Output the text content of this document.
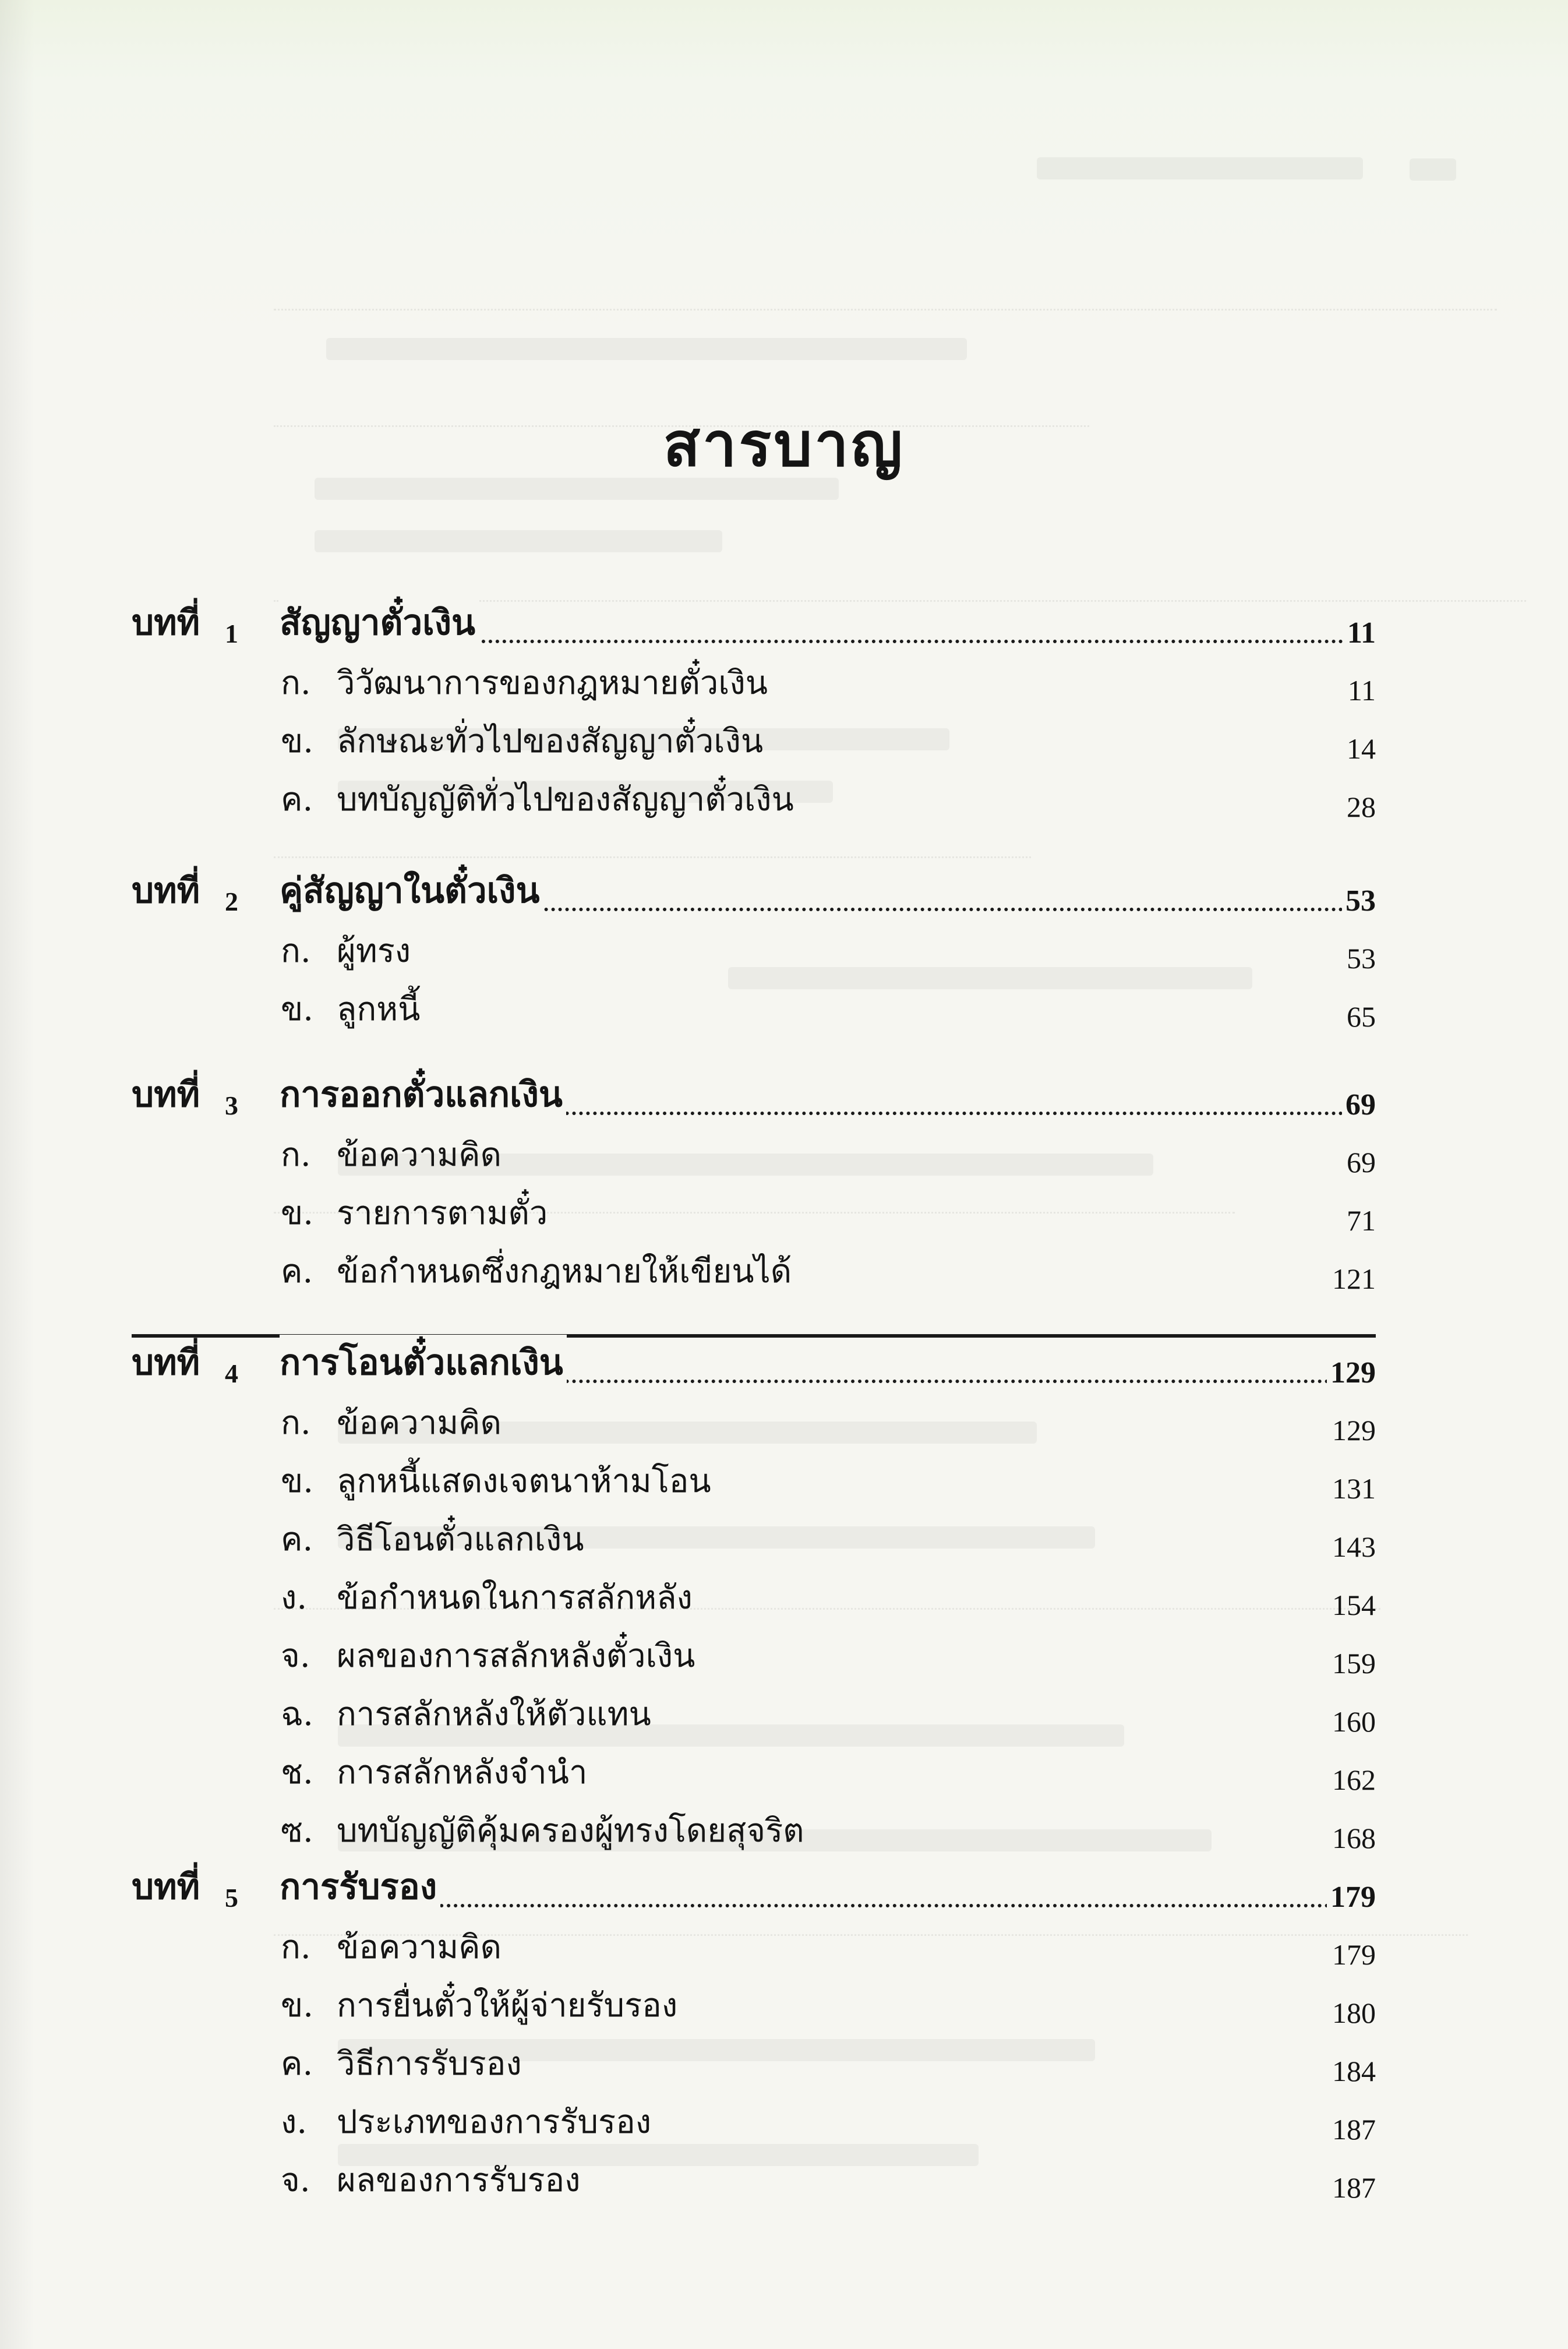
สารบาญ
บทที่ 1 สัญญาตั๋วเงิน	11
ก. วิวัฒนาการของกฎหมายตั๋วเงิน	11
ข. ลักษณะทั่วไปของสัญญาตั๋วเงิน	14
ค. บทบัญญัติทั่วไปของสัญญาตั๋วเงิน	28
บทที่ 2 คู่สัญญาในตั๋วเงิน	53
ก. ผู้ทรง	53
ข. ลูกหนี้	65
บทที่ 3 การออกตั๋วแลกเงิน	69
ก. ข้อความคิด	69
ข. รายการตามตั๋ว	71
ค. ข้อกำหนดซึ่งกฎหมายให้เขียนได้	121
บทที่ 4 การโอนตั๋วแลกเงิน	129
ก. ข้อความคิด	129
ข. ลูกหนี้แสดงเจตนาห้ามโอน	131
ค. วิธีโอนตั๋วแลกเงิน	143
ง. ข้อกำหนดในการสลักหลัง	154
จ. ผลของการสลักหลังตั๋วเงิน	159
ฉ. การสลักหลังให้ตัวแทน	160
ช. การสลักหลังจำนำ	162
ซ. บทบัญญัติคุ้มครองผู้ทรงโดยสุจริต	168
บทที่ 5 การรับรอง	179
ก. ข้อความคิด	179
ข. การยื่นตั๋วให้ผู้จ่ายรับรอง	180
ค. วิธีการรับรอง	184
ง. ประเภทของการรับรอง	187
จ. ผลของการรับรอง	187
